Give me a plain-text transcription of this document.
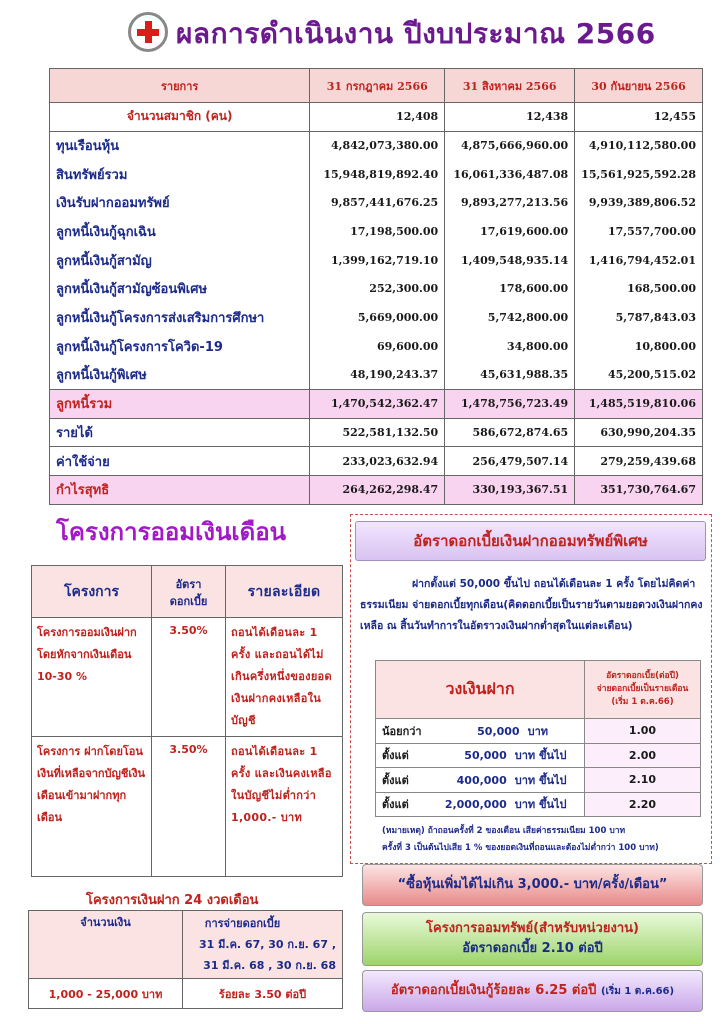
ผลการดำเนินงาน ปีงบประมาณ 2566
รายการ	31 กรกฎาคม 2566	31 สิงหาคม 2566	30 กันยายน 2566
จำนวนสมาชิก (คน)	12,408	12,438	12,455
ทุนเรือนหุ้น	4,842,073,380.00	4,875,666,960.00	4,910,112,580.00
สินทรัพย์รวม	15,948,819,892.40	16,061,336,487.08	15,561,925,592.28
เงินรับฝากออมทรัพย์	9,857,441,676.25	9,893,277,213.56	9,939,389,806.52
ลูกหนี้เงินกู้ฉุกเฉิน	17,198,500.00	17,619,600.00	17,557,700.00
ลูกหนี้เงินกู้สามัญ	1,399,162,719.10	1,409,548,935.14	1,416,794,452.01
ลูกหนี้เงินกู้สามัญซ้อนพิเศษ	252,300.00	178,600.00	168,500.00
ลูกหนี้เงินกู้โครงการส่งเสริมการศึกษา	5,669,000.00	5,742,800.00	5,787,843.03
ลูกหนี้เงินกู้โครงการโควิด-19	69,600.00	34,800.00	10,800.00
ลูกหนี้เงินกู้พิเศษ	48,190,243.37	45,631,988.35	45,200,515.02
ลูกหนี้รวม	1,470,542,362.47	1,478,756,723.49	1,485,519,810.06
รายได้	522,581,132.50	586,672,874.65	630,990,204.35
ค่าใช้จ่าย	233,023,632.94	256,479,507.14	279,259,439.68
กำไรสุทธิ	264,262,298.47	330,193,367.51	351,730,764.67
โครงการออมเงินเดือน
โครงการ	อัตรา ดอกเบี้ย	รายละเอียด
โครงการออมเงินฝากโดยหักจากเงินเดือน 10-30 %	3.50%	ถอนได้เดือนละ 1 ครั้ง และถอนได้ไม่เกินครึ่งหนึ่งของยอดเงินฝากคงเหลือในบัญชี
โครงการ ฝากโดยโอนเงินที่เหลือจากบัญชีเงินเดือนเข้ามาฝากทุกเดือน	3.50%	ถอนได้เดือนละ 1 ครั้ง และเงินคงเหลือในบัญชีไม่ต่ำกว่า 1,000.- บาท
โครงการเงินฝาก 24 งวดเดือน
จำนวนเงิน	การจ่ายดอกเบี้ย
31 มี.ค. 67, 30 ก.ย. 67 ,
31 มี.ค. 68 , 30 ก.ย. 68

1,000 - 25,000 บาท	ร้อยละ 3.50 ต่อปี
อัตราดอกเบี้ยเงินฝากออมทรัพย์พิเศษ
ฝากตั้งแต่ 50,000 ขึ้นไป ถอนได้เดือนละ 1 ครั้ง โดยไม่คิดค่าธรรมเนียม จ่ายดอกเบี้ยทุกเดือน(คิดดอกเบี้ยเป็นรายวันตามยอดวงเงินฝากคงเหลือ ณ สิ้นวันทำการในอัตราวงเงินฝากต่ำสุดในแต่ละเดือน)
วงเงินฝาก	อัตราดอกเบี้ย(ต่อปี)
จ่ายดอกเบี้ยเป็นรายเดือน
(เริ่ม 1 ต.ค.66)

น้อยกว่า 50,000 บาท	1.00
ตั้งแต่ 50,000 บาท ขึ้นไป	2.00
ตั้งแต่ 400,000 บาท ขึ้นไป	2.10
ตั้งแต่ 2,000,000 บาท ขึ้นไป	2.20
(หมายเหตุ) ถ้าถอนครั้งที่ 2 ของเดือน เสียค่าธรรมเนียม 100 บาท
ครั้งที่ 3 เป็นต้นไปเสีย 1 % ของยอดเงินที่ถอนและต้องไม่ต่ำกว่า 100 บาท)
“ซื้อหุ้นเพิ่มได้ไม่เกิน 3,000.- บาท/ครั้ง/เดือน”
โครงการออมทรัพย์(สำหรับหน่วยงาน)
อัตราดอกเบี้ย 2.10 ต่อปี
อัตราดอกเบี้ยเงินกู้ร้อยละ 6.25 ต่อปี (เริ่ม 1 ต.ค.66)
